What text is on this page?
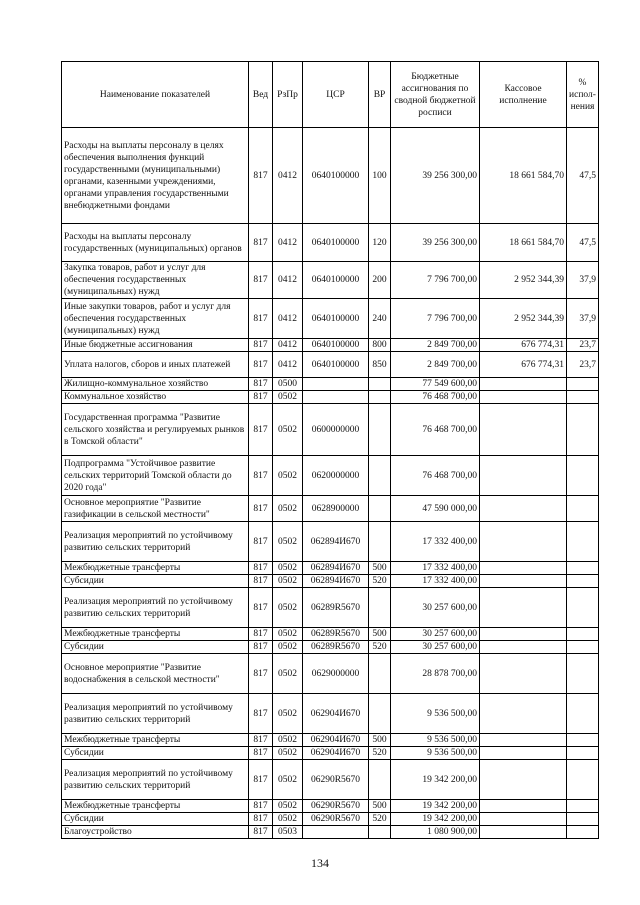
Наименование показателей	Вед	РзПр	ЦСР	ВР	Бюджетные ассигнования по сводной бюджетной росписи	Кассовое исполнение	% испол-нения
Расходы на выплаты персоналу в целях обеспечения выполнения функций государственными (муниципальными) органами, казенными учреждениями, органами управления государственными внебюджетными фондами	817	0412	0640100000	100	39 256 300,00	18 661 584,70	47,5
Расходы на выплаты персоналу государственных (муниципальных) органов	817	0412	0640100000	120	39 256 300,00	18 661 584,70	47,5
Закупка товаров, работ и услуг для обеспечения государственных (муниципальных) нужд	817	0412	0640100000	200	7 796 700,00	2 952 344,39	37,9
Иные закупки товаров, работ и услуг для обеспечения государственных (муниципальных) нужд	817	0412	0640100000	240	7 796 700,00	2 952 344,39	37,9
Иные бюджетные ассигнования	817	0412	0640100000	800	2 849 700,00	676 774,31	23,7
Уплата налогов, сборов и иных платежей	817	0412	0640100000	850	2 849 700,00	676 774,31	23,7
Жилищно-коммунальное хозяйство	817	0500			77 549 600,00		
Коммунальное хозяйство	817	0502			76 468 700,00		
Государственная программа "Развитие сельского хозяйства и регулируемых рынков в Томской области"	817	0502	0600000000		76 468 700,00		
Подпрограмма "Устойчивое развитие сельских территорий Томской области до 2020 года"	817	0502	0620000000		76 468 700,00		
Основное мероприятие "Развитие газификации в сельской местности"	817	0502	0628900000		47 590 000,00		
Реализация мероприятий по устойчивому развитию сельских территорий	817	0502	062894И670		17 332 400,00		
Межбюджетные трансферты	817	0502	062894И670	500	17 332 400,00		
Субсидии	817	0502	062894И670	520	17 332 400,00		
Реализация мероприятий по устойчивому развитию сельских территорий	817	0502	06289R5670		30 257 600,00		
Межбюджетные трансферты	817	0502	06289R5670	500	30 257 600,00		
Субсидии	817	0502	06289R5670	520	30 257 600,00		
Основное мероприятие "Развитие водоснабжения в сельской местности"	817	0502	0629000000		28 878 700,00		
Реализация мероприятий по устойчивому развитию сельских территорий	817	0502	062904И670		9 536 500,00		
Межбюджетные трансферты	817	0502	062904И670	500	9 536 500,00		
Субсидии	817	0502	062904И670	520	9 536 500,00		
Реализация мероприятий по устойчивому развитию сельских территорий	817	0502	06290R5670		19 342 200,00		
Межбюджетные трансферты	817	0502	06290R5670	500	19 342 200,00		
Субсидии	817	0502	06290R5670	520	19 342 200,00		
Благоустройство	817	0503			1 080 900,00		
134
